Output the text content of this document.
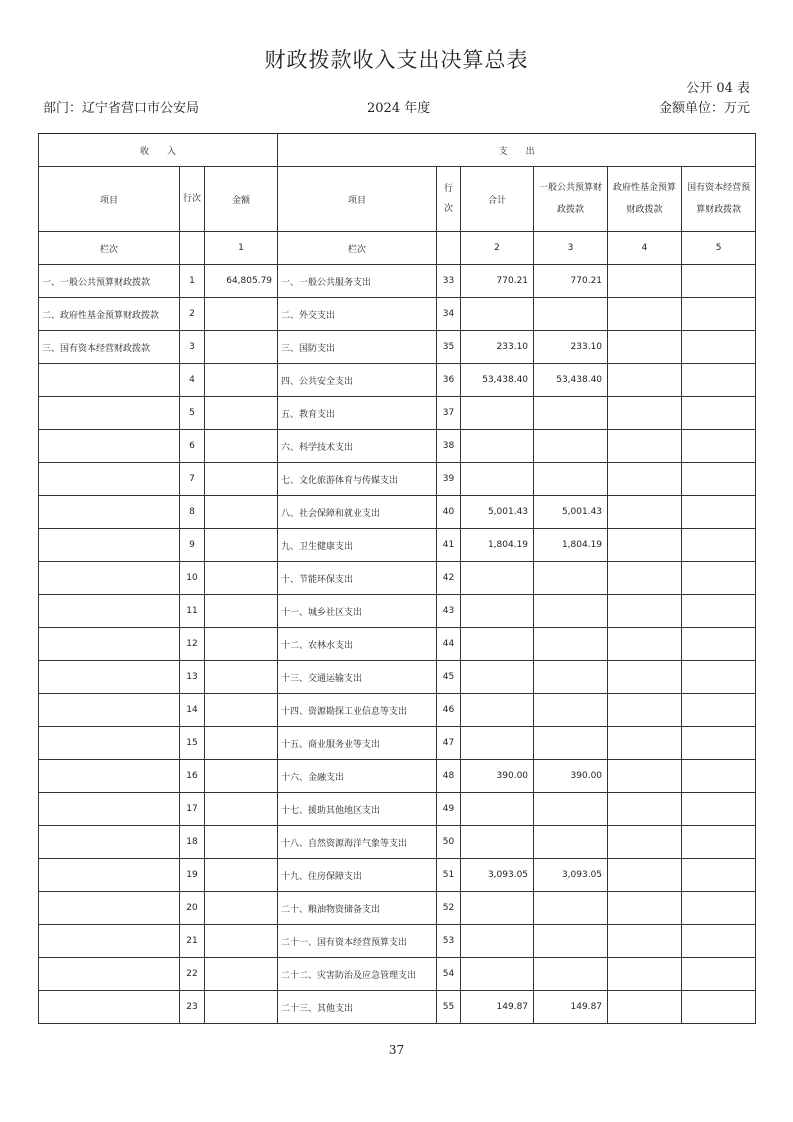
财政拨款收入支出决算总表
公开 04 表
部门：辽宁省营口市公安局	2024 年度	金额单位：万元
收　　入			支　　出					
项目	行次	金额	项目	行次	合计	一般公共预算财政拨款	政府性基金预算财政拨款	国有资本经营预算财政拨款
栏次		1	栏次		2	3	4	5
一、一般公共预算财政拨款	1	64,805.79	一、一般公共服务支出	33	770.21	770.21		
二、政府性基金预算财政拨款	2		二、外交支出	34				
三、国有资本经营财政拨款	3		三、国防支出	35	233.10	233.10		
	4		四、公共安全支出	36	53,438.40	53,438.40		
	5		五、教育支出	37				
	6		六、科学技术支出	38				
	7		七、文化旅游体育与传媒支出	39				
	8		八、社会保障和就业支出	40	5,001.43	5,001.43		
	9		九、卫生健康支出	41	1,804.19	1,804.19		
	10		十、节能环保支出	42				
	11		十一、城乡社区支出	43				
	12		十二、农林水支出	44				
	13		十三、交通运输支出	45				
	14		十四、资源勘探工业信息等支出	46				
	15		十五、商业服务业等支出	47				
	16		十六、金融支出	48	390.00	390.00		
	17		十七、援助其他地区支出	49				
	18		十八、自然资源海洋气象等支出	50				
	19		十九、住房保障支出	51	3,093.05	3,093.05		
	20		二十、粮油物资储备支出	52				
	21		二十一、国有资本经营预算支出	53				
	22		二十二、灾害防治及应急管理支出	54				
	23		二十三、其他支出	55	149.87	149.87		
37
